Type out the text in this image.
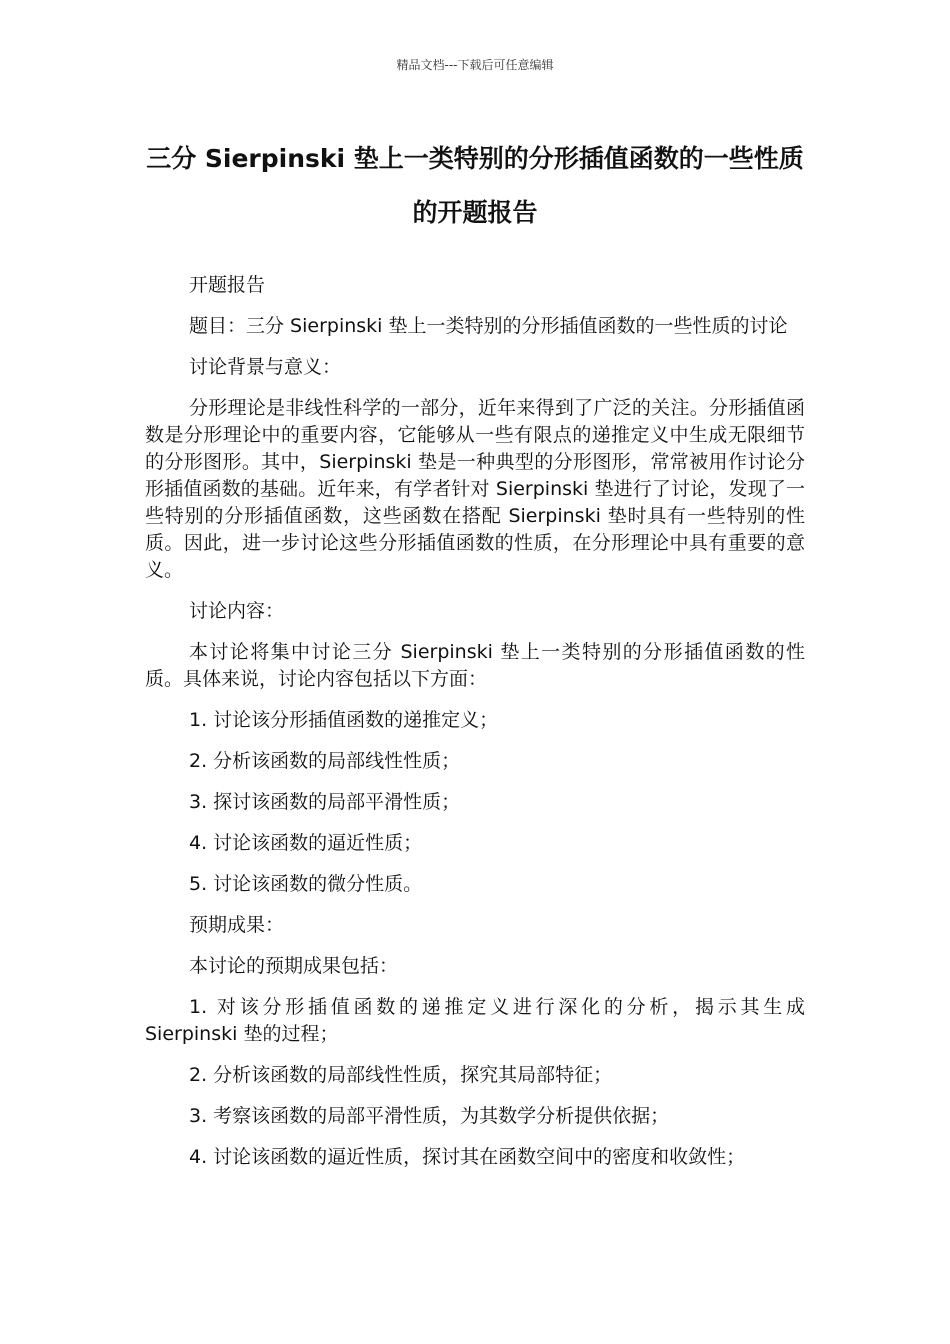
精品文档---下载后可任意编辑
三分 Sierpinski 垫上一类特别的分形插值函数的一些性质的开题报告

开题报告

题目：三分 Sierpinski 垫上一类特别的分形插值函数的一些性质的讨论

讨论背景与意义：

分形理论是非线性科学的一部分，近年来得到了广泛的关注。分形插值函数是分形理论中的重要内容，它能够从一些有限点的递推定义中生成无限细节的分形图形。其中，Sierpinski 垫是一种典型的分形图形，常常被用作讨论分形插值函数的基础。近年来，有学者针对 Sierpinski 垫进行了讨论，发现了一些特别的分形插值函数，这些函数在搭配 Sierpinski 垫时具有一些特别的性质。因此，进一步讨论这些分形插值函数的性质，在分形理论中具有重要的意义。

讨论内容：

本讨论将集中讨论三分 Sierpinski 垫上一类特别的分形插值函数的性质。具体来说，讨论内容包括以下方面：

1. 讨论该分形插值函数的递推定义；

2. 分析该函数的局部线性性质；

3. 探讨该函数的局部平滑性质；

4. 讨论该函数的逼近性质；

5. 讨论该函数的微分性质。

预期成果：

本讨论的预期成果包括：

1. 对该分形插值函数的递推定义进行深化的分析，揭示其生成 Sierpinski 垫的过程；

2. 分析该函数的局部线性性质，探究其局部特征；

3. 考察该函数的局部平滑性质，为其数学分析提供依据；

4. 讨论该函数的逼近性质，探讨其在函数空间中的密度和收敛性；
